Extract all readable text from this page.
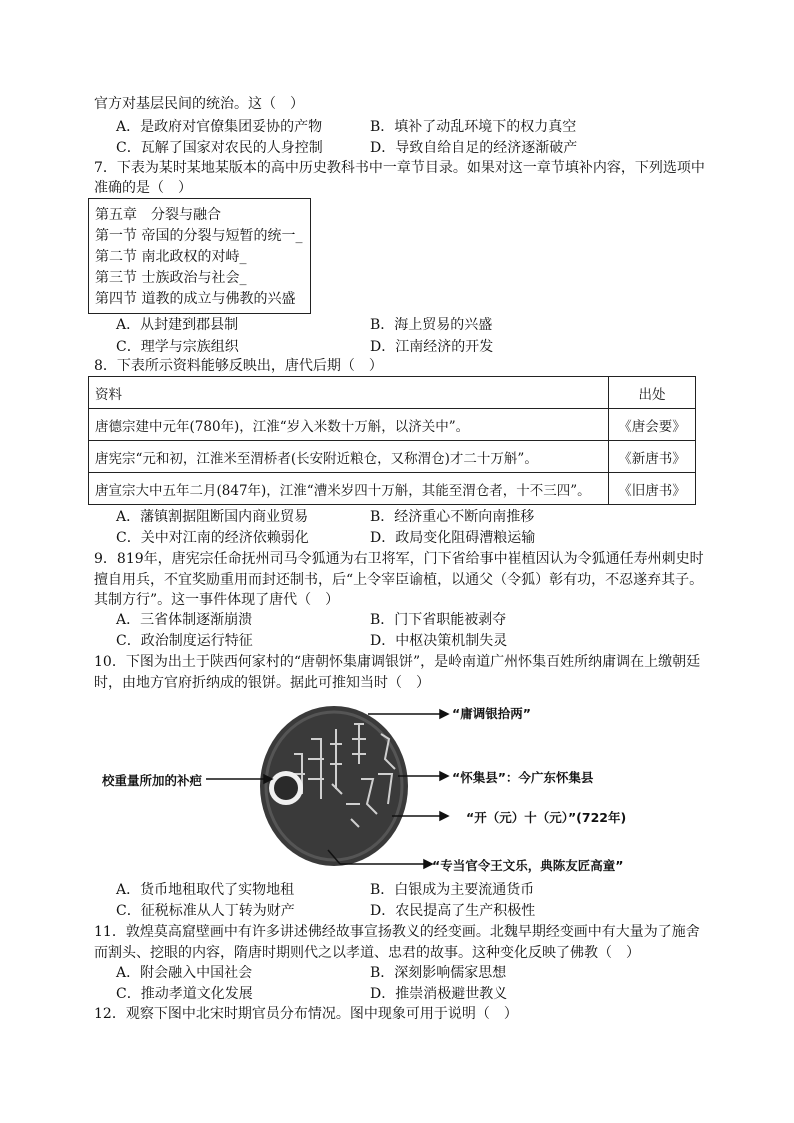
官方对基层民间的统治。这（　）
A．是政府对官僚集团妥协的产物	B．填补了动乱环境下的权力真空
C．瓦解了国家对农民的人身控制	D．导致自给自足的经济逐渐破产
7．下表为某时某地某版本的高中历史教科书中一章节目录。如果对这一章节填补内容，下列选项中
准确的是（　）
第五章　分裂与融合
第一节 帝国的分裂与短暂的统一_
第二节 南北政权的对峙_
第三节 士族政治与社会_
第四节 道教的成立与佛教的兴盛
A．从封建到郡县制	B．海上贸易的兴盛
C．理学与宗族组织	D．江南经济的开发
8．下表所示资料能够反映出，唐代后期（　）
资料	出处
唐德宗建中元年(780年)，江淮“岁入米数十万斛，以济关中”。	《唐会要》
唐宪宗“元和初，江淮米至渭桥者(长安附近粮仓，又称渭仓)才二十万斛”。	《新唐书》
唐宣宗大中五年二月(847年)，江淮“漕米岁四十万斛，其能至渭仓者，十不三四”。	《旧唐书》
A．藩镇割据阻断国内商业贸易	B．经济重心不断向南推移
C．关中对江南的经济依赖弱化	D．政局变化阻碍漕粮运输
9．819年，唐宪宗任命抚州司马令狐通为右卫将军，门下省给事中崔植因认为令狐通任寿州刺史时
擅自用兵，不宜奖励重用而封还制书，后“上令宰臣谕植，以通父（令狐）彰有功，不忍遂弃其子。
其制方行”。这一事件体现了唐代（　）
A．三省体制逐渐崩溃	B．门下省职能被剥夺
C．政治制度运行特征	D．中枢决策机制失灵
10．下图为出土于陕西何家村的“唐朝怀集庸调银饼”，是岭南道广州怀集百姓所纳庸调在上缴朝廷
时，由地方官府折纳成的银饼。据此可推知当时（　）
“庸调银拾两”
校重量所加的补疤	“怀集县”：今广东怀集县
“开（元）十（元）”(722年)
“专当官令王文乐，典陈友匠高童”
A．货币地租取代了实物地租	B．白银成为主要流通货币
C．征税标准从人丁转为财产	D．农民提高了生产积极性
11．敦煌莫高窟壁画中有许多讲述佛经故事宣扬教义的经变画。北魏早期经变画中有大量为了施舍
而割头、挖眼的内容，隋唐时期则代之以孝道、忠君的故事。这种变化反映了佛教（　）
A．附会融入中国社会	B．深刻影响儒家思想
C．推动孝道文化发展	D．推崇消极避世教义
12．观察下图中北宋时期官员分布情况。图中现象可用于说明（　）
